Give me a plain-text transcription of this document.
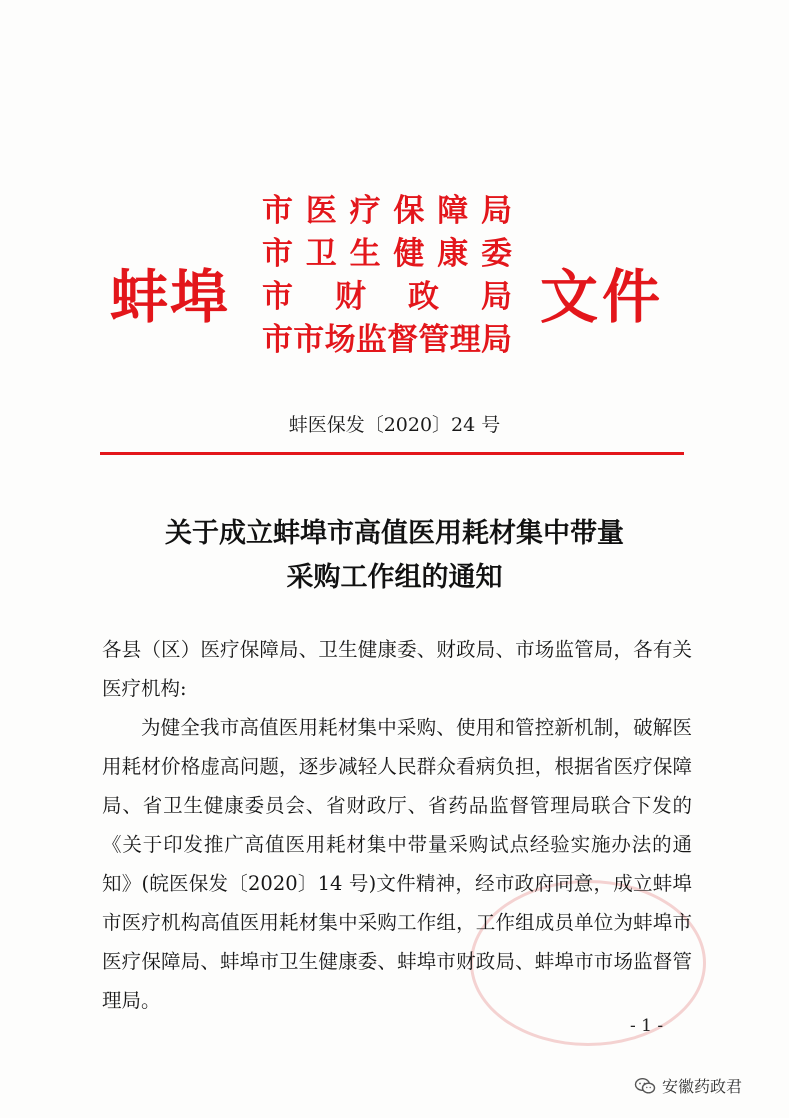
蚌埠
市医疗保障局
市卫生健康委
市财政局
市市场监督管理局
文件
蚌医保发〔2020〕24 号
关于成立蚌埠市高值医用耗材集中带量
采购工作组的通知

各县（区）医疗保障局、卫生健康委、财政局、市场监管局，各有关医疗机构:

为健全我市高值医用耗材集中采购、使用和管控新机制，破解医用耗材价格虚高问题，逐步减轻人民群众看病负担，根据省医疗保障局、省卫生健康委员会、省财政厅、省药品监督管理局联合下发的《关于印发推广高值医用耗材集中带量采购试点经验实施办法的通知》(皖医保发〔2020〕14 号)文件精神，经市政府同意，成立蚌埠市医疗机构高值医用耗材集中采购工作组，工作组成员单位为蚌埠市医疗保障局、蚌埠市卫生健康委、蚌埠市财政局、蚌埠市市场监督管理局。

- 1 -
安徽药政君
